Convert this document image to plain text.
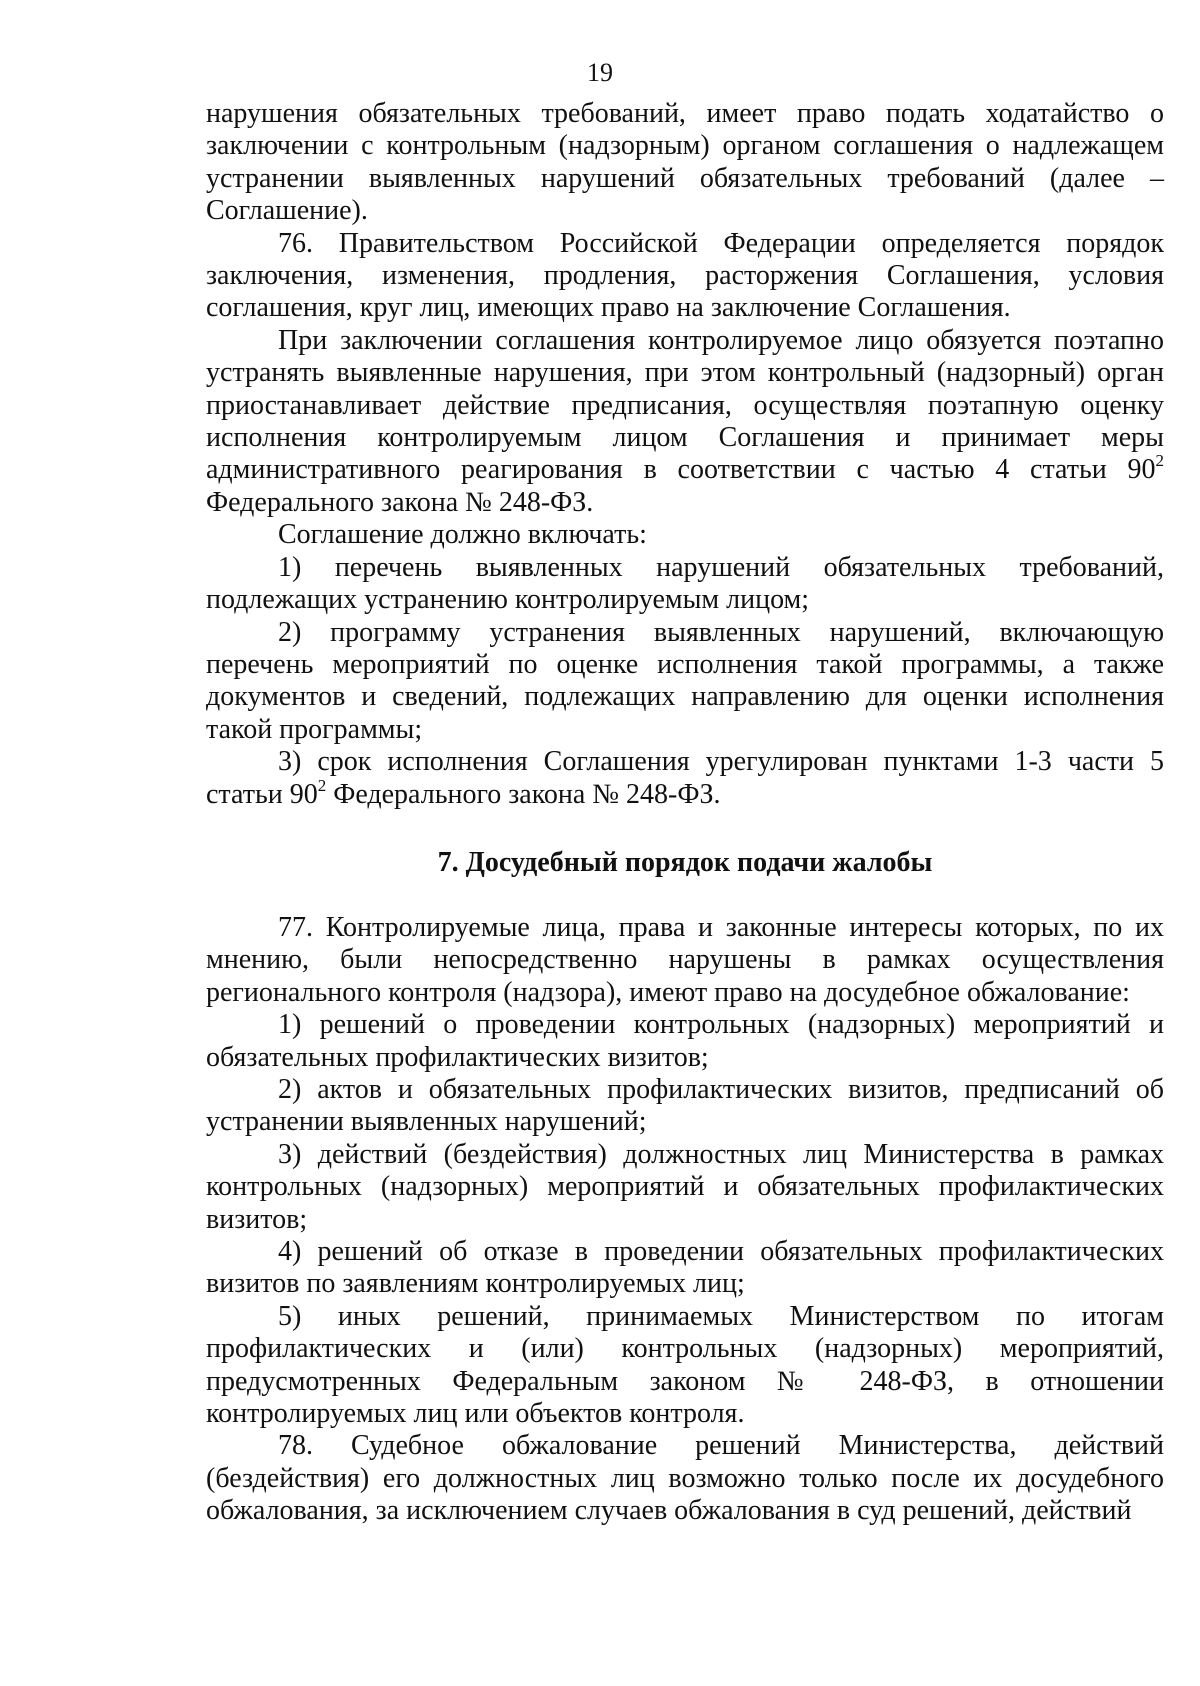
19

нарушения обязательных требований, имеет право подать ходатайство о заключении с контрольным (надзорным) органом соглашения о надлежащем устранении выявленных нарушений обязательных требований (далее – Соглашение).

76. Правительством Российской Федерации определяется порядок заключения, изменения, продления, расторжения Соглашения, условия соглашения, круг лиц, имеющих право на заключение Соглашения.

При заключении соглашения контролируемое лицо обязуется поэтапно устранять выявленные нарушения, при этом контрольный (надзорный) орган приостанавливает действие предписания, осуществляя поэтапную оценку исполнения контролируемым лицом Соглашения и принимает меры административного реагирования в соответствии с частью 4 статьи $90^2$ Федерального закона № 248-ФЗ.

Соглашение должно включать:

1) перечень выявленных нарушений обязательных требований, подлежащих устранению контролируемым лицом;

2) программу устранения выявленных нарушений, включающую перечень мероприятий по оценке исполнения такой программы, а также документов и сведений, подлежащих направлению для оценки исполнения такой программы;

3) срок исполнения Соглашения урегулирован пунктами 1-3 части 5 статьи $90^2$ Федерального закона № 248-ФЗ.

7. Досудебный порядок подачи жалобы

77. Контролируемые лица, права и законные интересы которых, по их мнению, были непосредственно нарушены в рамках осуществления регионального контроля (надзора), имеют право на досудебное обжалование:

1) решений о проведении контрольных (надзорных) мероприятий и обязательных профилактических визитов;

2) актов и обязательных профилактических визитов, предписаний об устранении выявленных нарушений;

3) действий (бездействия) должностных лиц Министерства в рамках контрольных (надзорных) мероприятий и обязательных профилактических визитов;

4) решений об отказе в проведении обязательных профилактических визитов по заявлениям контролируемых лиц;

5) иных решений, принимаемых Министерством по итогам профилактических и (или) контрольных (надзорных) мероприятий, предусмотренных Федеральным законом № 248-ФЗ, в отношении контролируемых лиц или объектов контроля.

78. Судебное обжалование решений Министерства, действий (бездействия) его должностных лиц возможно только после их досудебного обжалования, за исключением случаев обжалования в суд решений, действий
